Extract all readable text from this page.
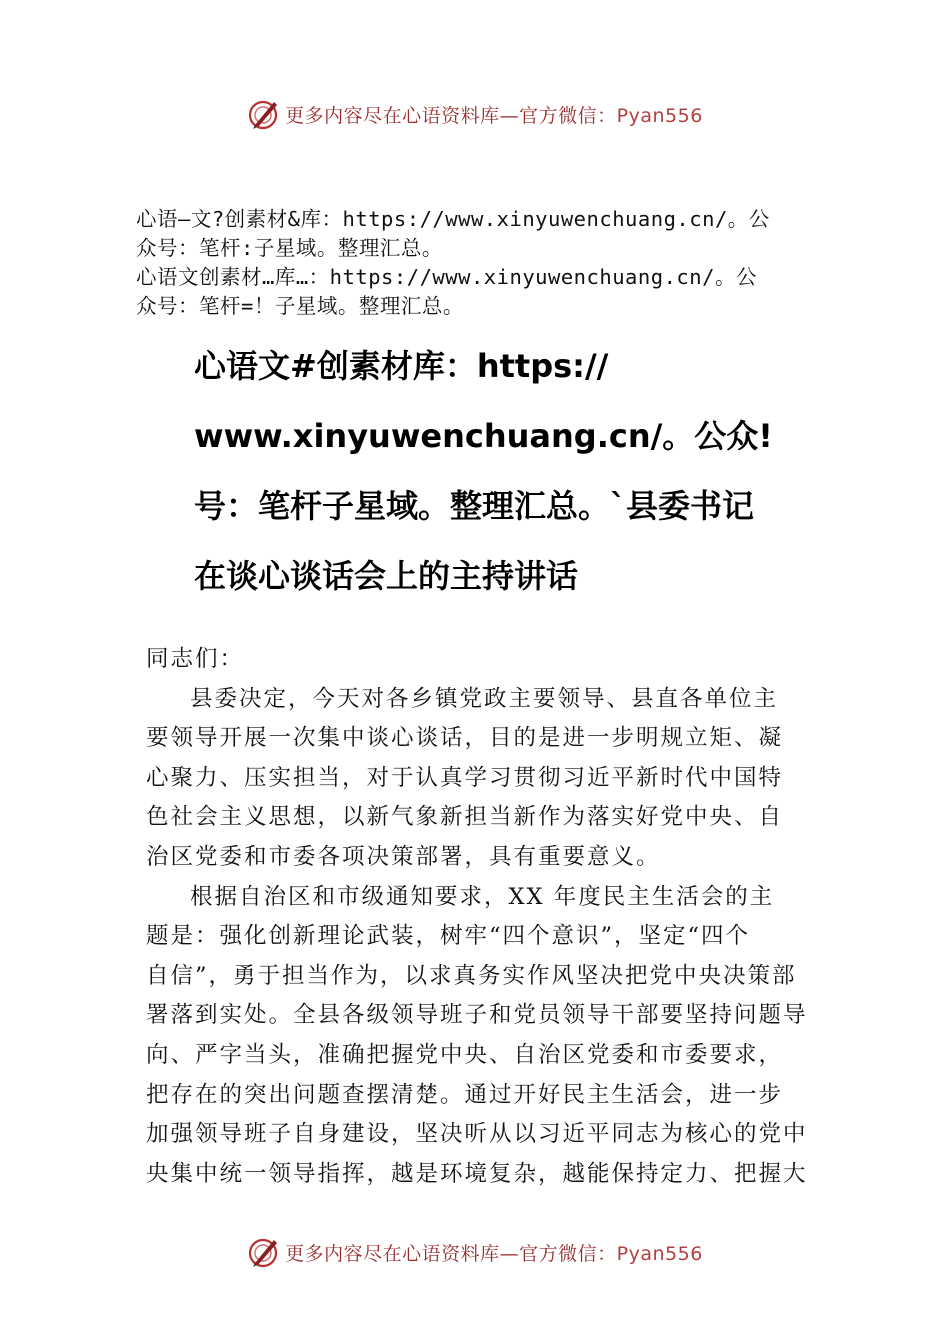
更多内容尽在心语资料库—官方微信：Pyan556
心语—文?创素材&库：https://www.xinyuwenchuang.cn/。公
众号：笔杆:子星域。整理汇总。
心语文创素材…库…：https://www.xinyuwenchuang.cn/。公
众号：笔杆=！子星域。整理汇总。
心语文#创素材库：https://
www.xinyuwenchuang.cn/。公众!
号：笔杆子星域。整理汇总。`县委书记
在谈心谈话会上的主持讲话
同志们：
县委决定，今天对各乡镇党政主要领导、县直各单位主
要领导开展一次集中谈心谈话，目的是进一步明规立矩、凝
心聚力、压实担当，对于认真学习贯彻习近平新时代中国特
色社会主义思想，以新气象新担当新作为落实好党中央、自
治区党委和市委各项决策部署，具有重要意义。
根据自治区和市级通知要求，XX 年度民主生活会的主
题是：强化创新理论武装，树牢“四个意识”，坚定“四个
自信”，勇于担当作为，以求真务实作风坚决把党中央决策部
署落到实处。全县各级领导班子和党员领导干部要坚持问题导
向、严字当头，准确把握党中央、自治区党委和市委要求，
把存在的突出问题查摆清楚。通过开好民主生活会，进一步
加强领导班子自身建设，坚决听从以习近平同志为核心的党中
央集中统一领导指挥，越是环境复杂，越能保持定力、把握大
更多内容尽在心语资料库—官方微信：Pyan556
